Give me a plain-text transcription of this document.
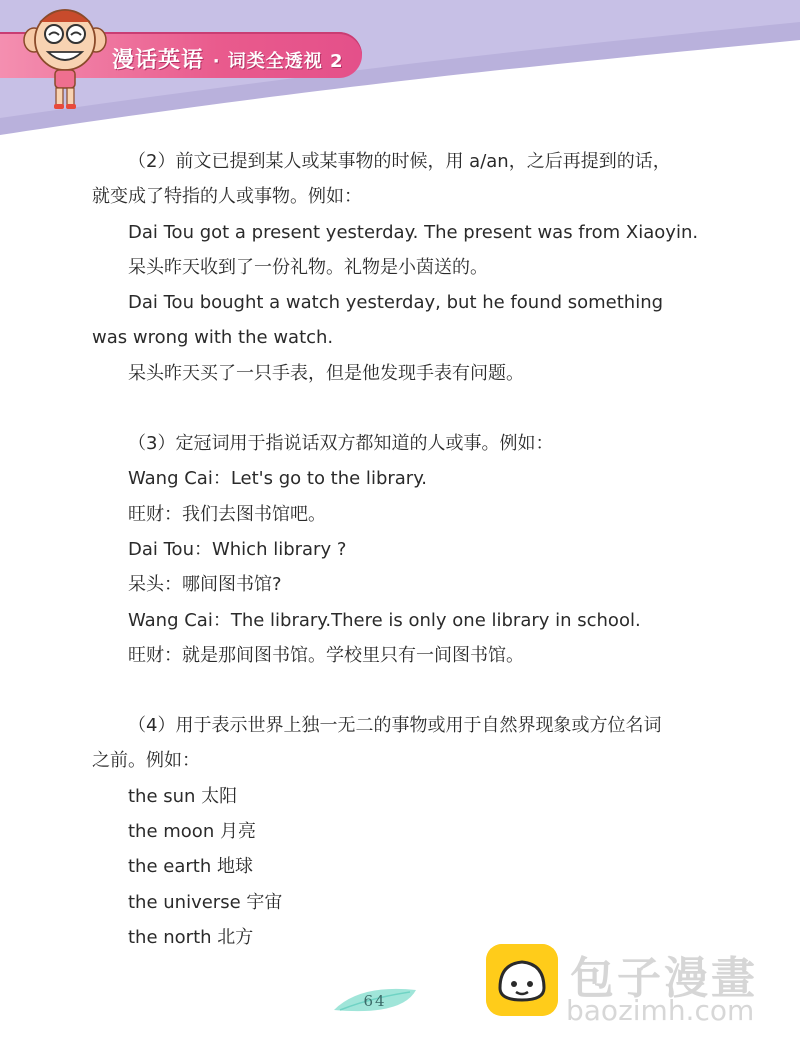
漫话英语 · 词类全透视 2
（2）前文已提到某人或某事物的时候，用 a/an，之后再提到的话，
就变成了特指的人或事物。例如：
Dai Tou got a present yesterday. The present was from Xiaoyin.
呆头昨天收到了一份礼物。礼物是小茵送的。
Dai Tou bought a watch yesterday, but he found something
was wrong with the watch.
呆头昨天买了一只手表，但是他发现手表有问题。
（3）定冠词用于指说话双方都知道的人或事。例如：
Wang Cai：Let's go to the library.
旺财：我们去图书馆吧。
Dai Tou：Which library ?
呆头：哪间图书馆?
Wang Cai：The library.There is only one library in school.
旺财：就是那间图书馆。学校里只有一间图书馆。
（4）用于表示世界上独一无二的事物或用于自然界现象或方位名词
之前。例如：
the sun 太阳
the moon 月亮
the earth 地球
the universe 宇宙
the north 北方
64	包子漫畫
baozimh.com
